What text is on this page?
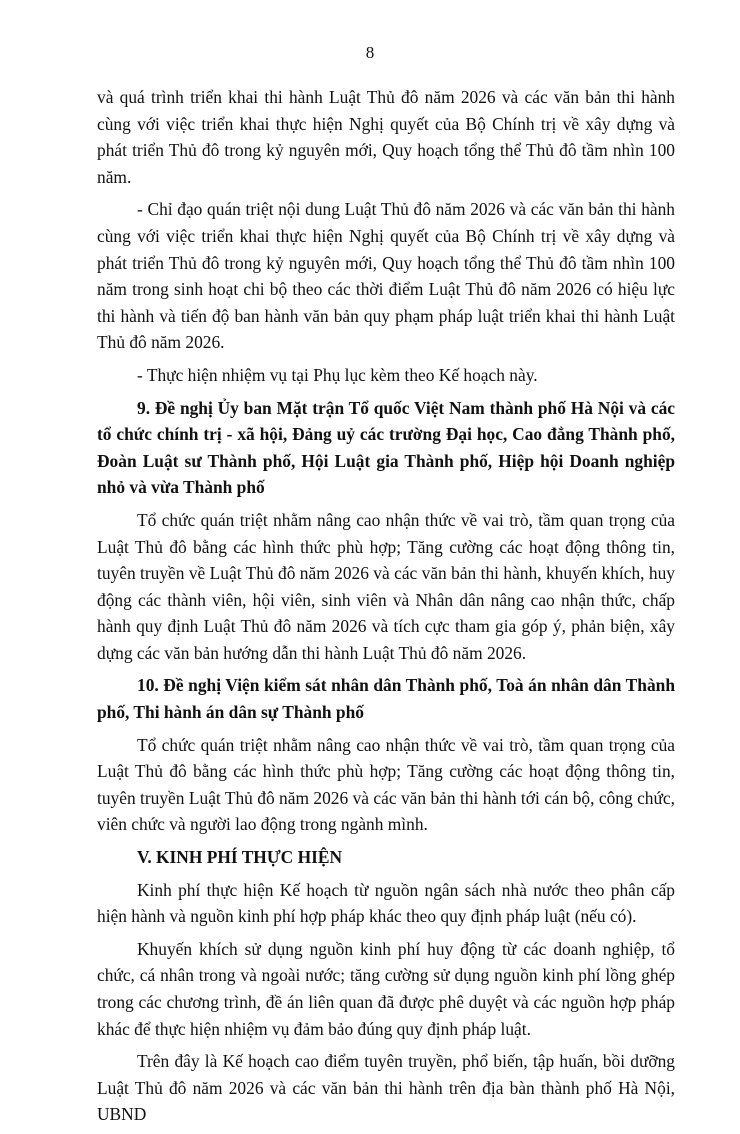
8

và quá trình triển khai thi hành Luật Thủ đô năm 2026 và các văn bản thi hành cùng với việc triển khai thực hiện Nghị quyết của Bộ Chính trị về xây dựng và phát triển Thủ đô trong kỷ nguyên mới, Quy hoạch tổng thể Thủ đô tầm nhìn 100 năm.

- Chỉ đạo quán triệt nội dung Luật Thủ đô năm 2026 và các văn bản thi hành cùng với việc triển khai thực hiện Nghị quyết của Bộ Chính trị về xây dựng và phát triển Thủ đô trong kỷ nguyên mới, Quy hoạch tổng thể Thủ đô tầm nhìn 100 năm trong sinh hoạt chi bộ theo các thời điểm Luật Thủ đô năm 2026 có hiệu lực thi hành và tiến độ ban hành văn bản quy phạm pháp luật triển khai thi hành Luật Thủ đô năm 2026.

- Thực hiện nhiệm vụ tại Phụ lục kèm theo Kế hoạch này.

9. Đề nghị Ủy ban Mặt trận Tổ quốc Việt Nam thành phố Hà Nội và các tổ chức chính trị - xã hội, Đảng uỷ các trường Đại học, Cao đẳng Thành phố, Đoàn Luật sư Thành phố, Hội Luật gia Thành phố, Hiệp hội Doanh nghiệp nhỏ và vừa Thành phố

Tổ chức quán triệt nhằm nâng cao nhận thức về vai trò, tầm quan trọng của Luật Thủ đô bằng các hình thức phù hợp; Tăng cường các hoạt động thông tin, tuyên truyền về Luật Thủ đô năm 2026 và các văn bản thi hành, khuyến khích, huy động các thành viên, hội viên, sinh viên và Nhân dân nâng cao nhận thức, chấp hành quy định Luật Thủ đô năm 2026 và tích cực tham gia góp ý, phản biện, xây dựng các văn bản hướng dẫn thi hành Luật Thủ đô năm 2026.

10. Đề nghị Viện kiểm sát nhân dân Thành phố, Toà án nhân dân Thành phố, Thi hành án dân sự Thành phố

Tổ chức quán triệt nhằm nâng cao nhận thức về vai trò, tầm quan trọng của Luật Thủ đô bằng các hình thức phù hợp; Tăng cường các hoạt động thông tin, tuyên truyền Luật Thủ đô năm 2026 và các văn bản thi hành tới cán bộ, công chức, viên chức và người lao động trong ngành mình.

V. KINH PHÍ THỰC HIỆN

Kinh phí thực hiện Kế hoạch từ nguồn ngân sách nhà nước theo phân cấp hiện hành và nguồn kinh phí hợp pháp khác theo quy định pháp luật (nếu có).

Khuyến khích sử dụng nguồn kinh phí huy động từ các doanh nghiệp, tổ chức, cá nhân trong và ngoài nước; tăng cường sử dụng nguồn kinh phí lồng ghép trong các chương trình, đề án liên quan đã được phê duyệt và các nguồn hợp pháp khác để thực hiện nhiệm vụ đảm bảo đúng quy định pháp luật.

Trên đây là Kế hoạch cao điểm tuyên truyền, phổ biến, tập huấn, bồi dưỡng Luật Thủ đô năm 2026 và các văn bản thi hành trên địa bàn thành phố Hà Nội, UBND
